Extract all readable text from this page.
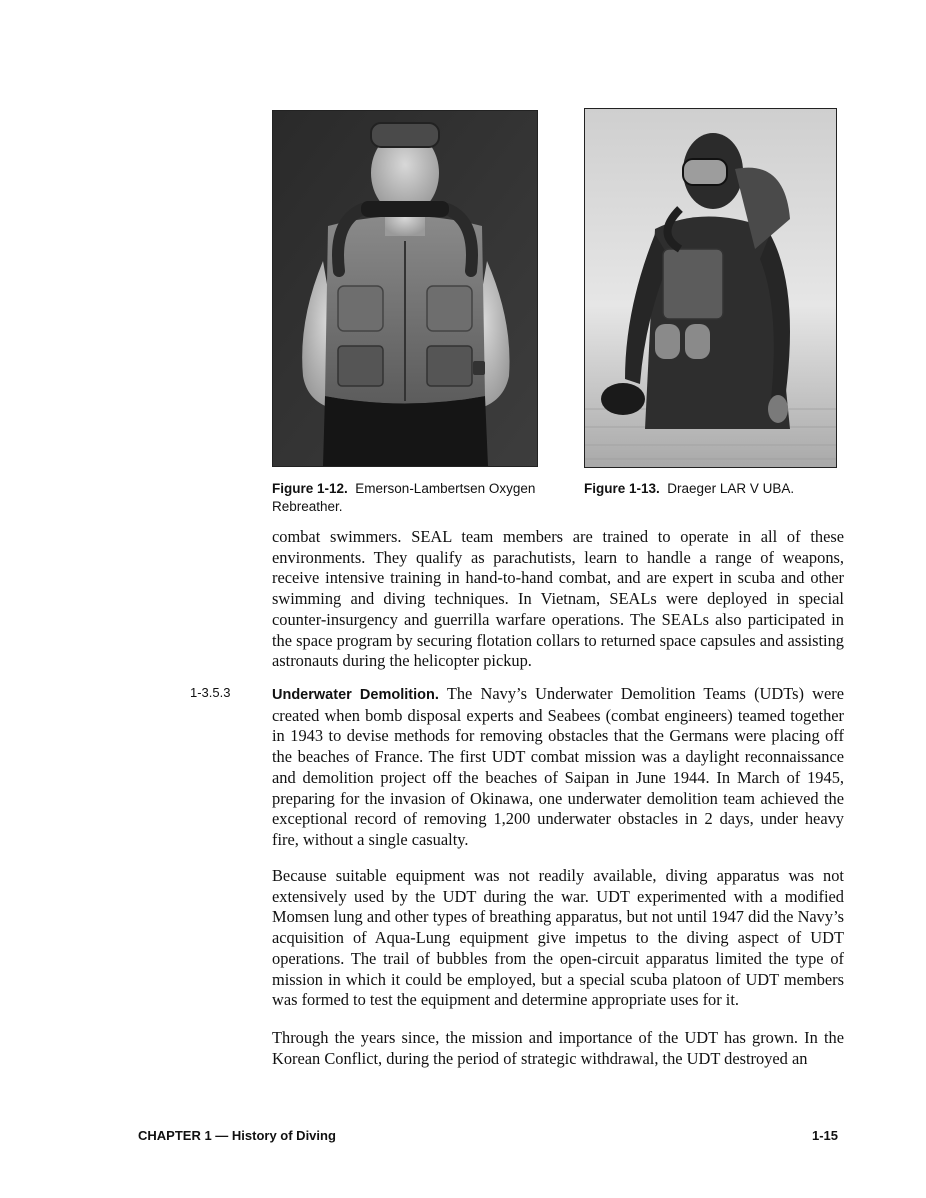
Figure 1-12. Emerson-Lambertsen Oxygen Rebreather.
Figure 1-13. Draeger LAR V UBA.

combat swimmers. SEAL team members are trained to operate in all of these environments. They qualify as parachutists, learn to handle a range of weapons, receive intensive training in hand-to-hand combat, and are expert in scuba and other swimming and diving techniques. In Vietnam, SEALs were deployed in special counter-insurgency and guerrilla warfare operations. The SEALs also participated in the space program by securing flotation collars to returned space capsules and assisting astronauts during the helicopter pickup.

1-3.5.3	Underwater Demolition. The Navy’s Underwater Demolition Teams (UDTs) were created when bomb disposal experts and Seabees (combat engineers) teamed together in 1943 to devise methods for removing obstacles that the Germans were placing off the beaches of France. The first UDT combat mission was a daylight reconnaissance and demolition project off the beaches of Saipan in June 1944. In March of 1945, preparing for the invasion of Okinawa, one underwater demolition team achieved the exceptional record of removing 1,200 underwater obstacles in 2 days, under heavy fire, without a single casualty.

Because suitable equipment was not readily available, diving apparatus was not extensively used by the UDT during the war. UDT experimented with a modified Momsen lung and other types of breathing apparatus, but not until 1947 did the Navy’s acquisition of Aqua-Lung equipment give impetus to the diving aspect of UDT operations. The trail of bubbles from the open-circuit apparatus limited the type of mission in which it could be employed, but a special scuba platoon of UDT members was formed to test the equipment and determine appropriate uses for it.

Through the years since, the mission and importance of the UDT has grown. In the Korean Conflict, during the period of strategic withdrawal, the UDT destroyed an

CHAPTER 1 — History of Diving	1-15
